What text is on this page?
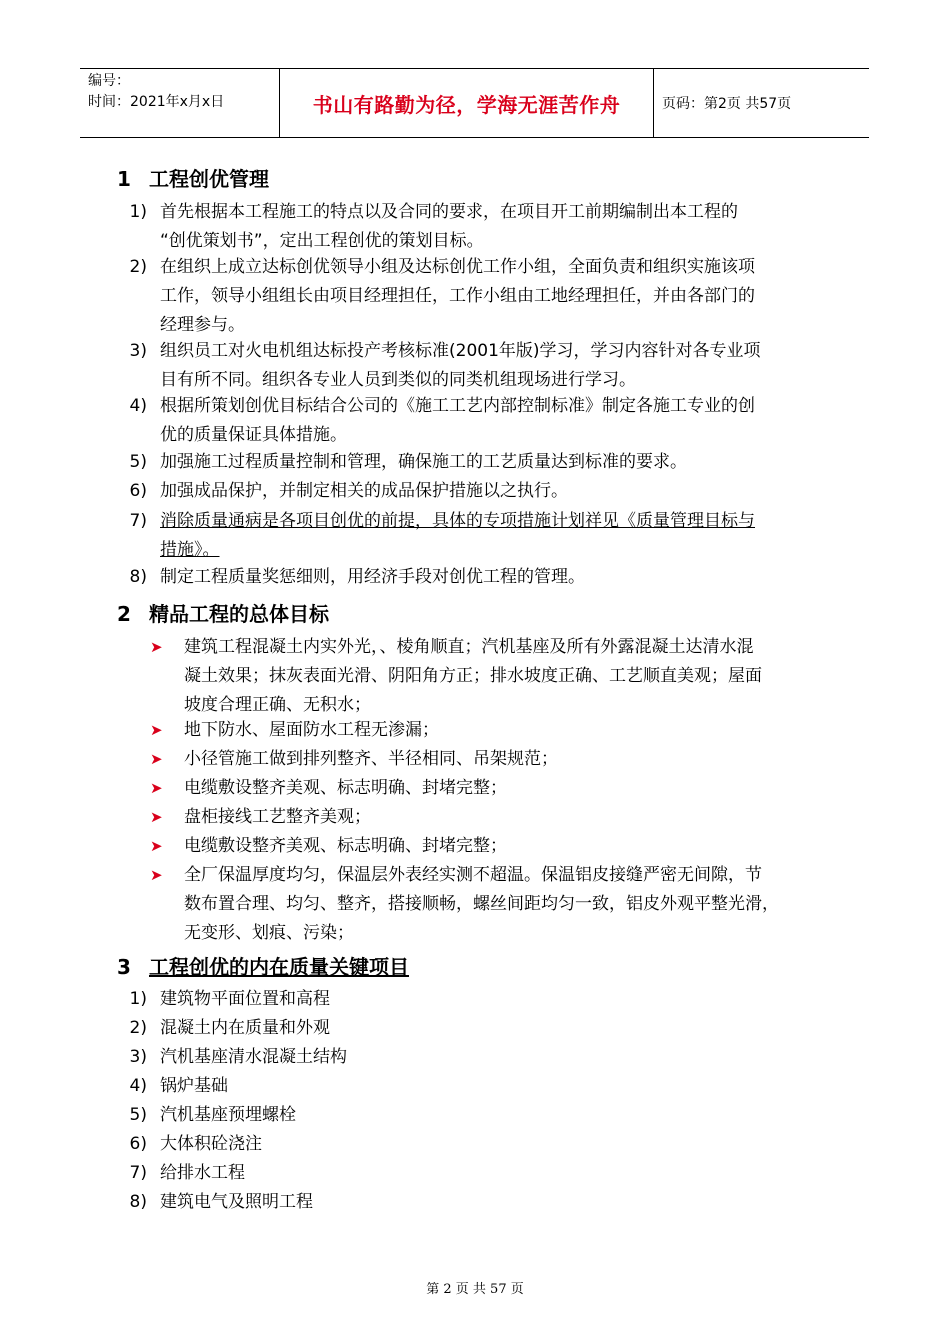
编号：
时间：2021年x月x日	书山有路勤为径，学海无涯苦作舟	页码：第2页 共57页
1 工程创优管理
1) 首先根据本工程施工的特点以及合同的要求，在项目开工前期编制出本工程的
“创优策划书”，定出工程创优的策划目标。
2) 在组织上成立达标创优领导小组及达标创优工作小组，全面负责和组织实施该项
工作，领导小组组长由项目经理担任，工作小组由工地经理担任，并由各部门的
经理参与。
3) 组织员工对火电机组达标投产考核标准(2001年版)学习，学习内容针对各专业项
目有所不同。组织各专业人员到类似的同类机组现场进行学习。
4) 根据所策划创优目标结合公司的《施工工艺内部控制标准》制定各施工专业的创
优的质量保证具体措施。
5) 加强施工过程质量控制和管理，确保施工的工艺质量达到标准的要求。
6) 加强成品保护，并制定相关的成品保护措施以之执行。
7) 消除质量通病是各项目创优的前提，具体的专项措施计划祥见《质量管理目标与
措施》。
8) 制定工程质量奖惩细则，用经济手段对创优工程的管理。
2 精品工程的总体目标
➤ 建筑工程混凝土内实外光，、棱角顺直；汽机基座及所有外露混凝土达清水混
凝土效果；抹灰表面光滑、阴阳角方正；排水坡度正确、工艺顺直美观；屋面
坡度合理正确、无积水；
➤ 地下防水、屋面防水工程无渗漏；
➤ 小径管施工做到排列整齐、半径相同、吊架规范；
➤ 电缆敷设整齐美观、标志明确、封堵完整；
➤ 盘柜接线工艺整齐美观；
➤ 电缆敷设整齐美观、标志明确、封堵完整；
➤ 全厂保温厚度均匀，保温层外表经实测不超温。保温铝皮接缝严密无间隙，节
数布置合理、均匀、整齐，搭接顺畅，螺丝间距均匀一致，铝皮外观平整光滑，
无变形、划痕、污染；
3 工程创优的内在质量关键项目
1) 建筑物平面位置和高程
2) 混凝土内在质量和外观
3) 汽机基座清水混凝土结构
4) 锅炉基础
5) 汽机基座预埋螺栓
6) 大体积砼浇注
7) 给排水工程
8) 建筑电气及照明工程
第 2 页 共 57 页
